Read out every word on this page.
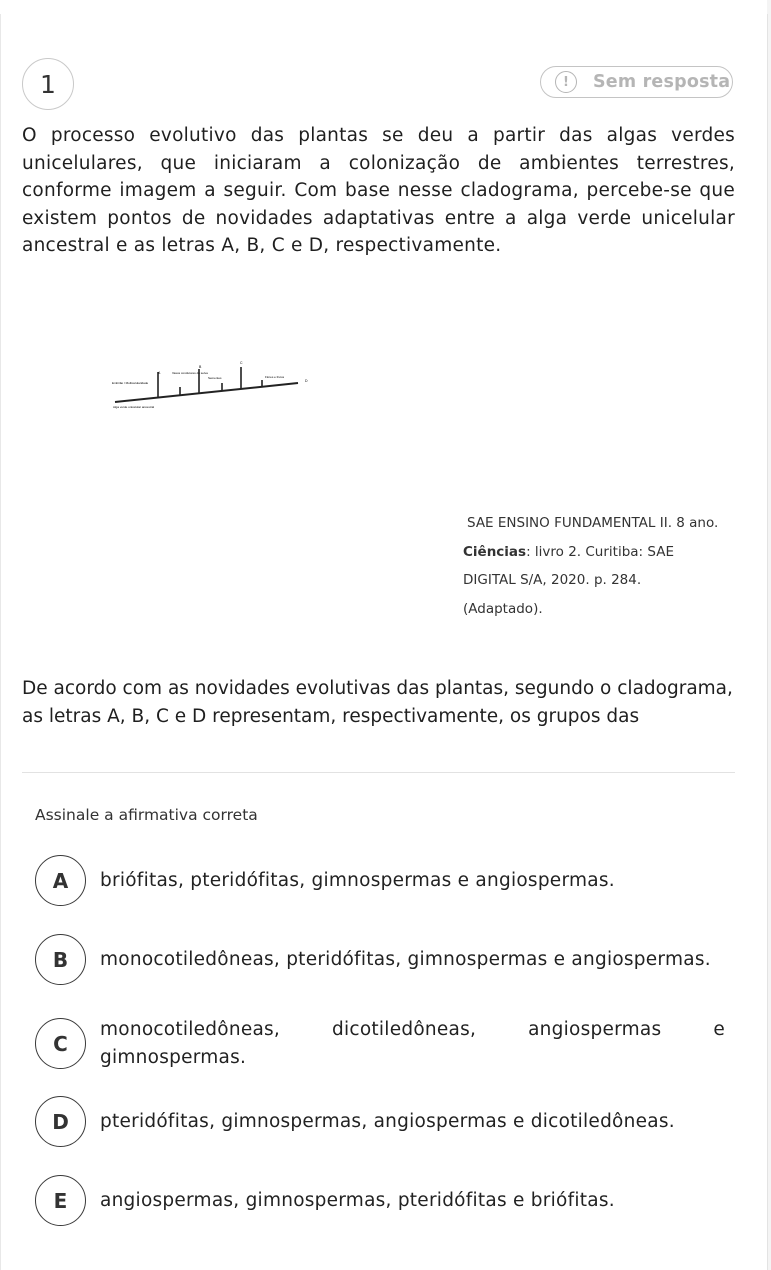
1	!	Sem resposta

O processo evolutivo das plantas se deu a partir das algas verdes unicelulares, que iniciaram a colonização de ambientes terrestres, conforme imagem a seguir. Com base nesse cladograma, percebe-se que existem pontos de novidades adaptativas entre a alga verde unicelular ancestral e as letras A, B, C e D, respectivamente.

A
B
C
D
Embrião / Multicelularidade
Vasos condutores de seiva
Sementes	Flores e frutos
Alga verde unicelular ancestral
SAE ENSINO FUNDAMENTAL II. 8 ano.
Ciências: livro 2. Curitiba: SAE
DIGITAL S/A, 2020. p. 284.
(Adaptado).

De acordo com as novidades evolutivas das plantas, segundo o cladograma, as letras A, B, C e D representam, respectivamente, os grupos das

Assinale a afirmativa correta

A	briófitas, pteridófitas, gimnospermas e angiospermas.
B	monocotiledôneas, pteridófitas, gimnospermas e angiospermas.
C
monocotiledôneas, dicotiledôneas, angiospermas e gimnospermas.
D	pteridófitas, gimnospermas, angiospermas e dicotiledôneas.
E	angiospermas, gimnospermas, pteridófitas e briófitas.
